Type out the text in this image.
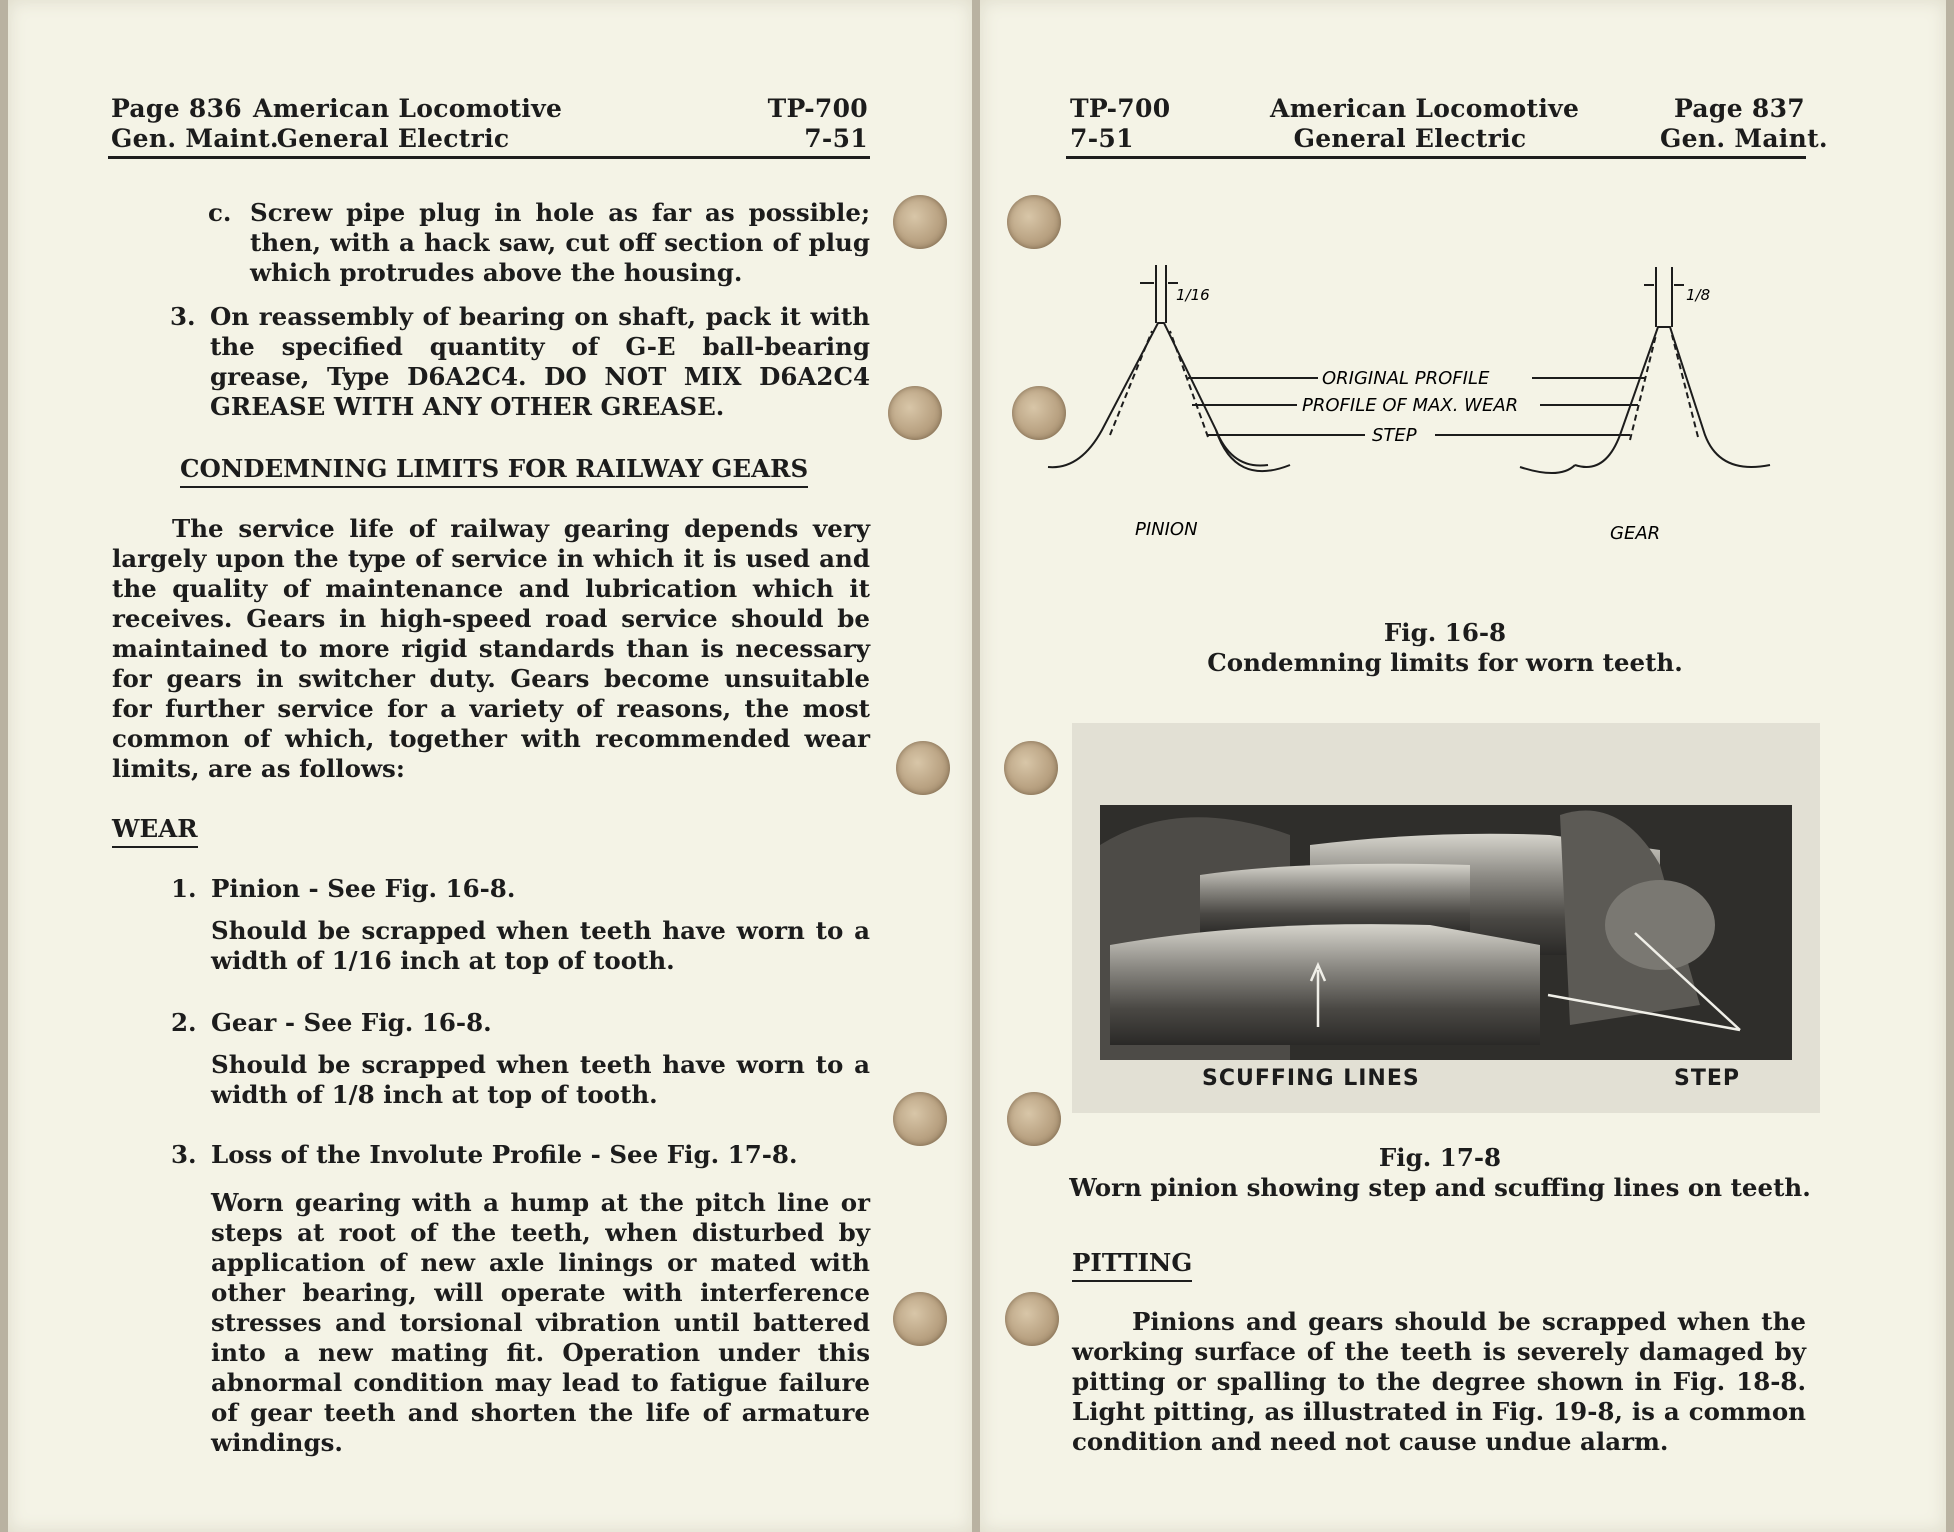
Page 836
Gen. Maint.
American Locomotive
General Electric
TP-700
7-51
c. Screw pipe plug in hole as far as possible; then, with a hack saw, cut off section of plug which protrudes above the housing.

3. On reassembly of bearing on shaft, pack it with the specified quantity of G-E ball-bearing grease, Type D6A2C4. DO NOT MIX D6A2C4 GREASE WITH ANY OTHER GREASE.

CONDEMNING LIMITS FOR RAILWAY GEARS

The service life of railway gearing depends very largely upon the type of service in which it is used and the quality of maintenance and lubrication which it receives. Gears in high-speed road service should be maintained to more rigid standards than is necessary for gears in switcher duty. Gears become unsuitable for further service for a variety of reasons, the most common of which, together with recommended wear limits, are as follows:

WEAR
1. Pinion - See Fig. 16-8.

Should be scrapped when teeth have worn to a width of 1/16 inch at top of tooth.

2. Gear - See Fig. 16-8.

Should be scrapped when teeth have worn to a width of 1/8 inch at top of tooth.

3. Loss of the Involute Profile - See Fig. 17-8.

Worn gearing with a hump at the pitch line or steps at root of the teeth, when disturbed by application of new axle linings or mated with other bearing, will operate with interference stresses and torsional vibration until battered into a new mating fit. Operation under this abnormal condition may lead to fatigue failure of gear teeth and shorten the life of armature windings.

TP-700
7-51
American Locomotive
General Electric
Page 837
Gen. Maint.
1/16	1/8
ORIGINAL PROFILE
PROFILE OF MAX. WEAR
STEP
PINION	GEAR
Fig. 16-8
Condemning limits for worn teeth.
SCUFFING LINES	STEP
Fig. 17-8
Worn pinion showing step and scuffing lines on teeth.
PITTING

Pinions and gears should be scrapped when the working surface of the teeth is severely damaged by pitting or spalling to the degree shown in Fig. 18-8. Light pitting, as illustrated in Fig. 19-8, is a common condition and need not cause undue alarm.
